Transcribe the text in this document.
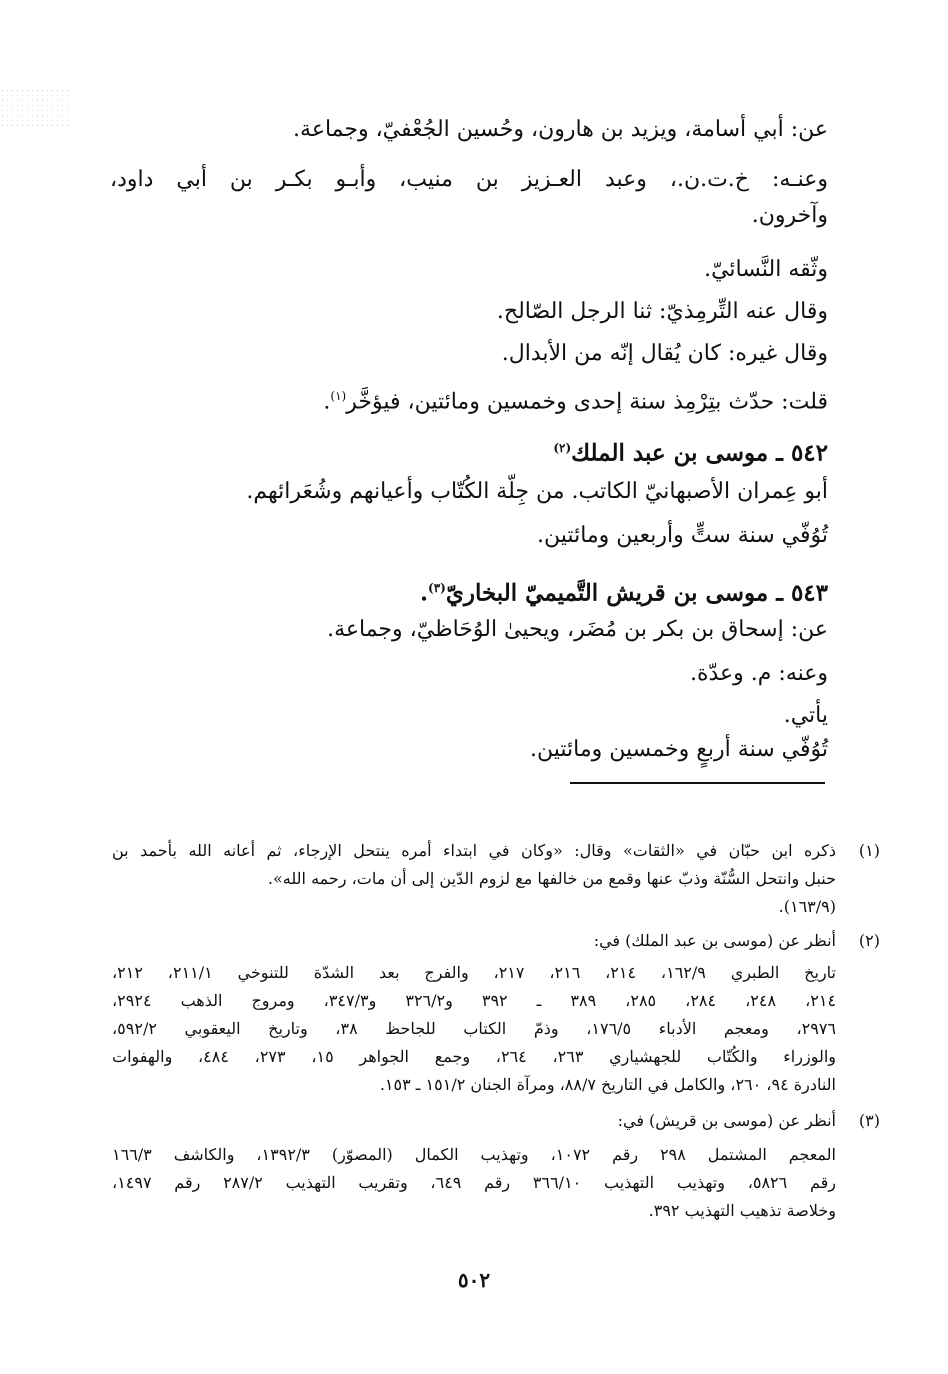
عن: أبي أسامة، ويزيد بن هارون، وحُسين الجُعْفيّ، وجماعة.
وعنـه: خ.ت.ن.، وعبد العـزيز بن منيب، وأبـو بكـر بن أبي داود،
وآخرون.
وثّقه النَّسائيّ.
وقال عنه التِّرمِذيّ: ثنا الرجل الصّالح.
وقال غيره: كان يُقال إنّه من الأبدال.
قلت: حدّث بتِرْمِذ سنة إحدى وخمسين ومائتين، فيؤخَّر$^{(١)}$.
٥٤٢ ـ موسى بن عبد الملك$^{(٢)}$
أبو عِمران الأصبهانيّ الكاتب. من جِلّة الكُتّاب وأعيانهم وشُعَرائهم.
تُوُفّي سنة ستٍّ وأربعين ومائتين.
٥٤٣ ـ موسى بن قريش التَّميميّ البخاريّ$^{(٣)}$.
عن: إسحاق بن بكر بن مُضَر، ويحيىٰ الوُحَاظيّ، وجماعة.
وعنه: م. وعدّة.
يأتي.
تُوُفّي سنة أربعٍ وخمسين ومائتين.
(١)
ذكره ابن حبّان في «الثقات» وقال: «وكان في ابتداء أمره ينتحل الإرجاء، ثم أعانه الله بأحمد بن
حنبل وانتحل السُّنّة وذبّ عنها وقمع من خالفها مع لزوم الدّين إلى أن مات، رحمه الله».
(١٦٣/٩).
(٢)
أنظر عن (موسى بن عبد الملك) في:
تاريخ الطبري ١٦٢/٩، ٢١٤، ٢١٦، ٢١٧، والفرج بعد الشدّة للتنوخي ٢١١/١، ٢١٢،
٢١٤، ٢٤٨، ٢٨٤، ٢٨٥، ٣٨٩ ـ ٣٩٢ و٣٢٦/٢ و٣٤٧/٣، ومروج الذهب ٢٩٢٤،
٢٩٧٦، ومعجم الأدباء ١٧٦/٥، وذمّ الكتاب للجاحظ ٣٨، وتاريخ اليعقوبي ٥٩٢/٢،
والوزراء والكُتّاب للجهشياري ٢٦٣، ٢٦٤، وجمع الجواهر ١٥، ٢٧٣، ٤٨٤، والهفوات
النادرة ٩٤، ٢٦٠، والكامل في التاريخ ٨٨/٧، ومرآة الجنان ١٥١/٢ ـ ١٥٣.
(٣)
أنظر عن (موسى بن قريش) في:
المعجم المشتمل ٢٩٨ رقم ١٠٧٢، وتهذيب الكمال (المصوّر) ١٣٩٢/٣، والكاشف ١٦٦/٣
رقم ٥٨٢٦، وتهذيب التهذيب ٣٦٦/١٠ رقم ٦٤٩، وتقريب التهذيب ٢٨٧/٢ رقم ١٤٩٧،
وخلاصة تذهيب التهذيب ٣٩٢.
٥٠٢
